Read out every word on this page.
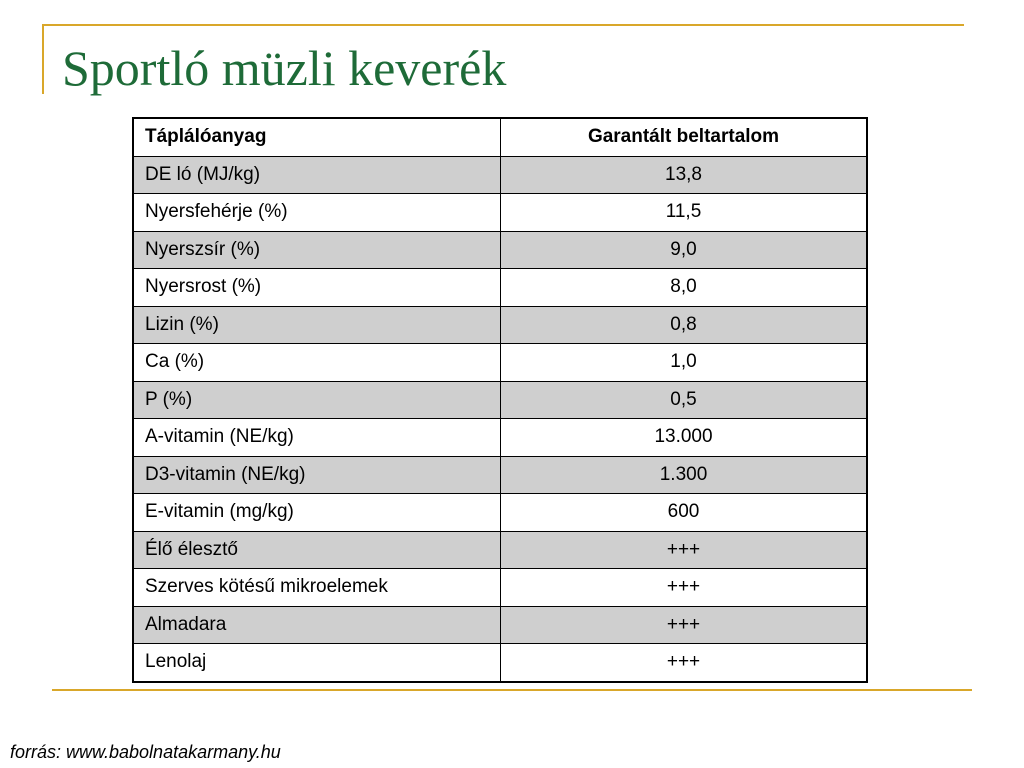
Sportló müzli keverék
Táplálóanyag	Garantált beltartalom
DE ló (MJ/kg)	13,8
Nyersfehérje (%)	11,5
Nyerszsír (%)	9,0
Nyersrost (%)	8,0
Lizin (%)	0,8
Ca (%)	1,0
P (%)	0,5
A-vitamin (NE/kg)	13.000
D3-vitamin (NE/kg)	1.300
E-vitamin (mg/kg)	600
Élő élesztő	+++
Szerves kötésű mikroelemek	+++
Almadara	+++
Lenolaj	+++

forrás: www.babolnatakarmany.hu
